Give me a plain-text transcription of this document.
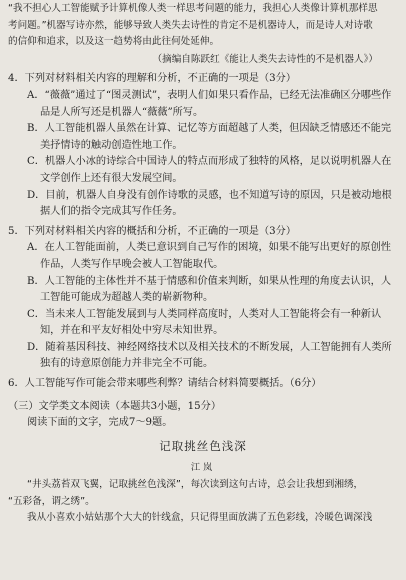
“我不担心人工智能赋予计算机像人类一样思考问题的能力，我担心人类像计算机那样思

考问题。”机器写诗亦然，能够导致人类失去诗性的肯定不是机器诗人，而是诗人对诗歌

的信仰和追求，以及这一趋势将由此往何处延伸。

（摘编自陈跃红《能让人类失去诗性的不是机器人》）

4．下列对材料相关内容的理解和分析，不正确的一项是（3分）

A．“薇薇”通过了“图灵测试”，表明人们如果只看作品，已经无法准确区分哪些作品是人所写还是机器人“薇薇”所写。

B．人工智能机器人虽然在计算、记忆等方面超越了人类，但因缺乏情感还不能完美抒情诗的触动创造性地工作。

C．机器人小冰的诗综合中国诗人的特点而形成了独特的风格，足以说明机器人在文学创作上还有很大发展空间。

D．目前，机器人自身没有创作诗歌的灵感，也不知道写诗的原因，只是被动地根据人们的指令完成其写作任务。

5．下列对材料相关内容的概括和分析，不正确的一项是（3分）

A．在人工智能面前，人类已意识到自己写作的困境，如果不能写出更好的原创性作品，人类写作早晚会被人工智能取代。

B．人工智能的主体性并不基于情感和价值来判断，如果从性理的角度去认识，人工智能可能成为超越人类的崭新物种。

C．当未来人工智能发展到与人类同样高度时，人类对人工智能将会有一种新认知，并在和平友好相处中穷尽未知世界。

D．随着基因科技、神经网络技术以及相关技术的不断发展，人工智能拥有人类所独有的诗意原创能力并非完全不可能。

6．人工智能写作可能会带来哪些利弊？请结合材料简要概括。（6分）

（三）文学类文本阅读（本题共3小题，15分）

阅读下面的文字，完成7～9题。

记取挑丝色浅深

江岚

“井头荔苔双飞翼，记取挑丝色浅深”，每次读到这句古诗，总会让我想到湘绣，

“五彩备，谓之绣”。

我从小喜欢小姑姑那个大大的针线盒，只记得里面放满了五色彩线，冷暖色调深浅
